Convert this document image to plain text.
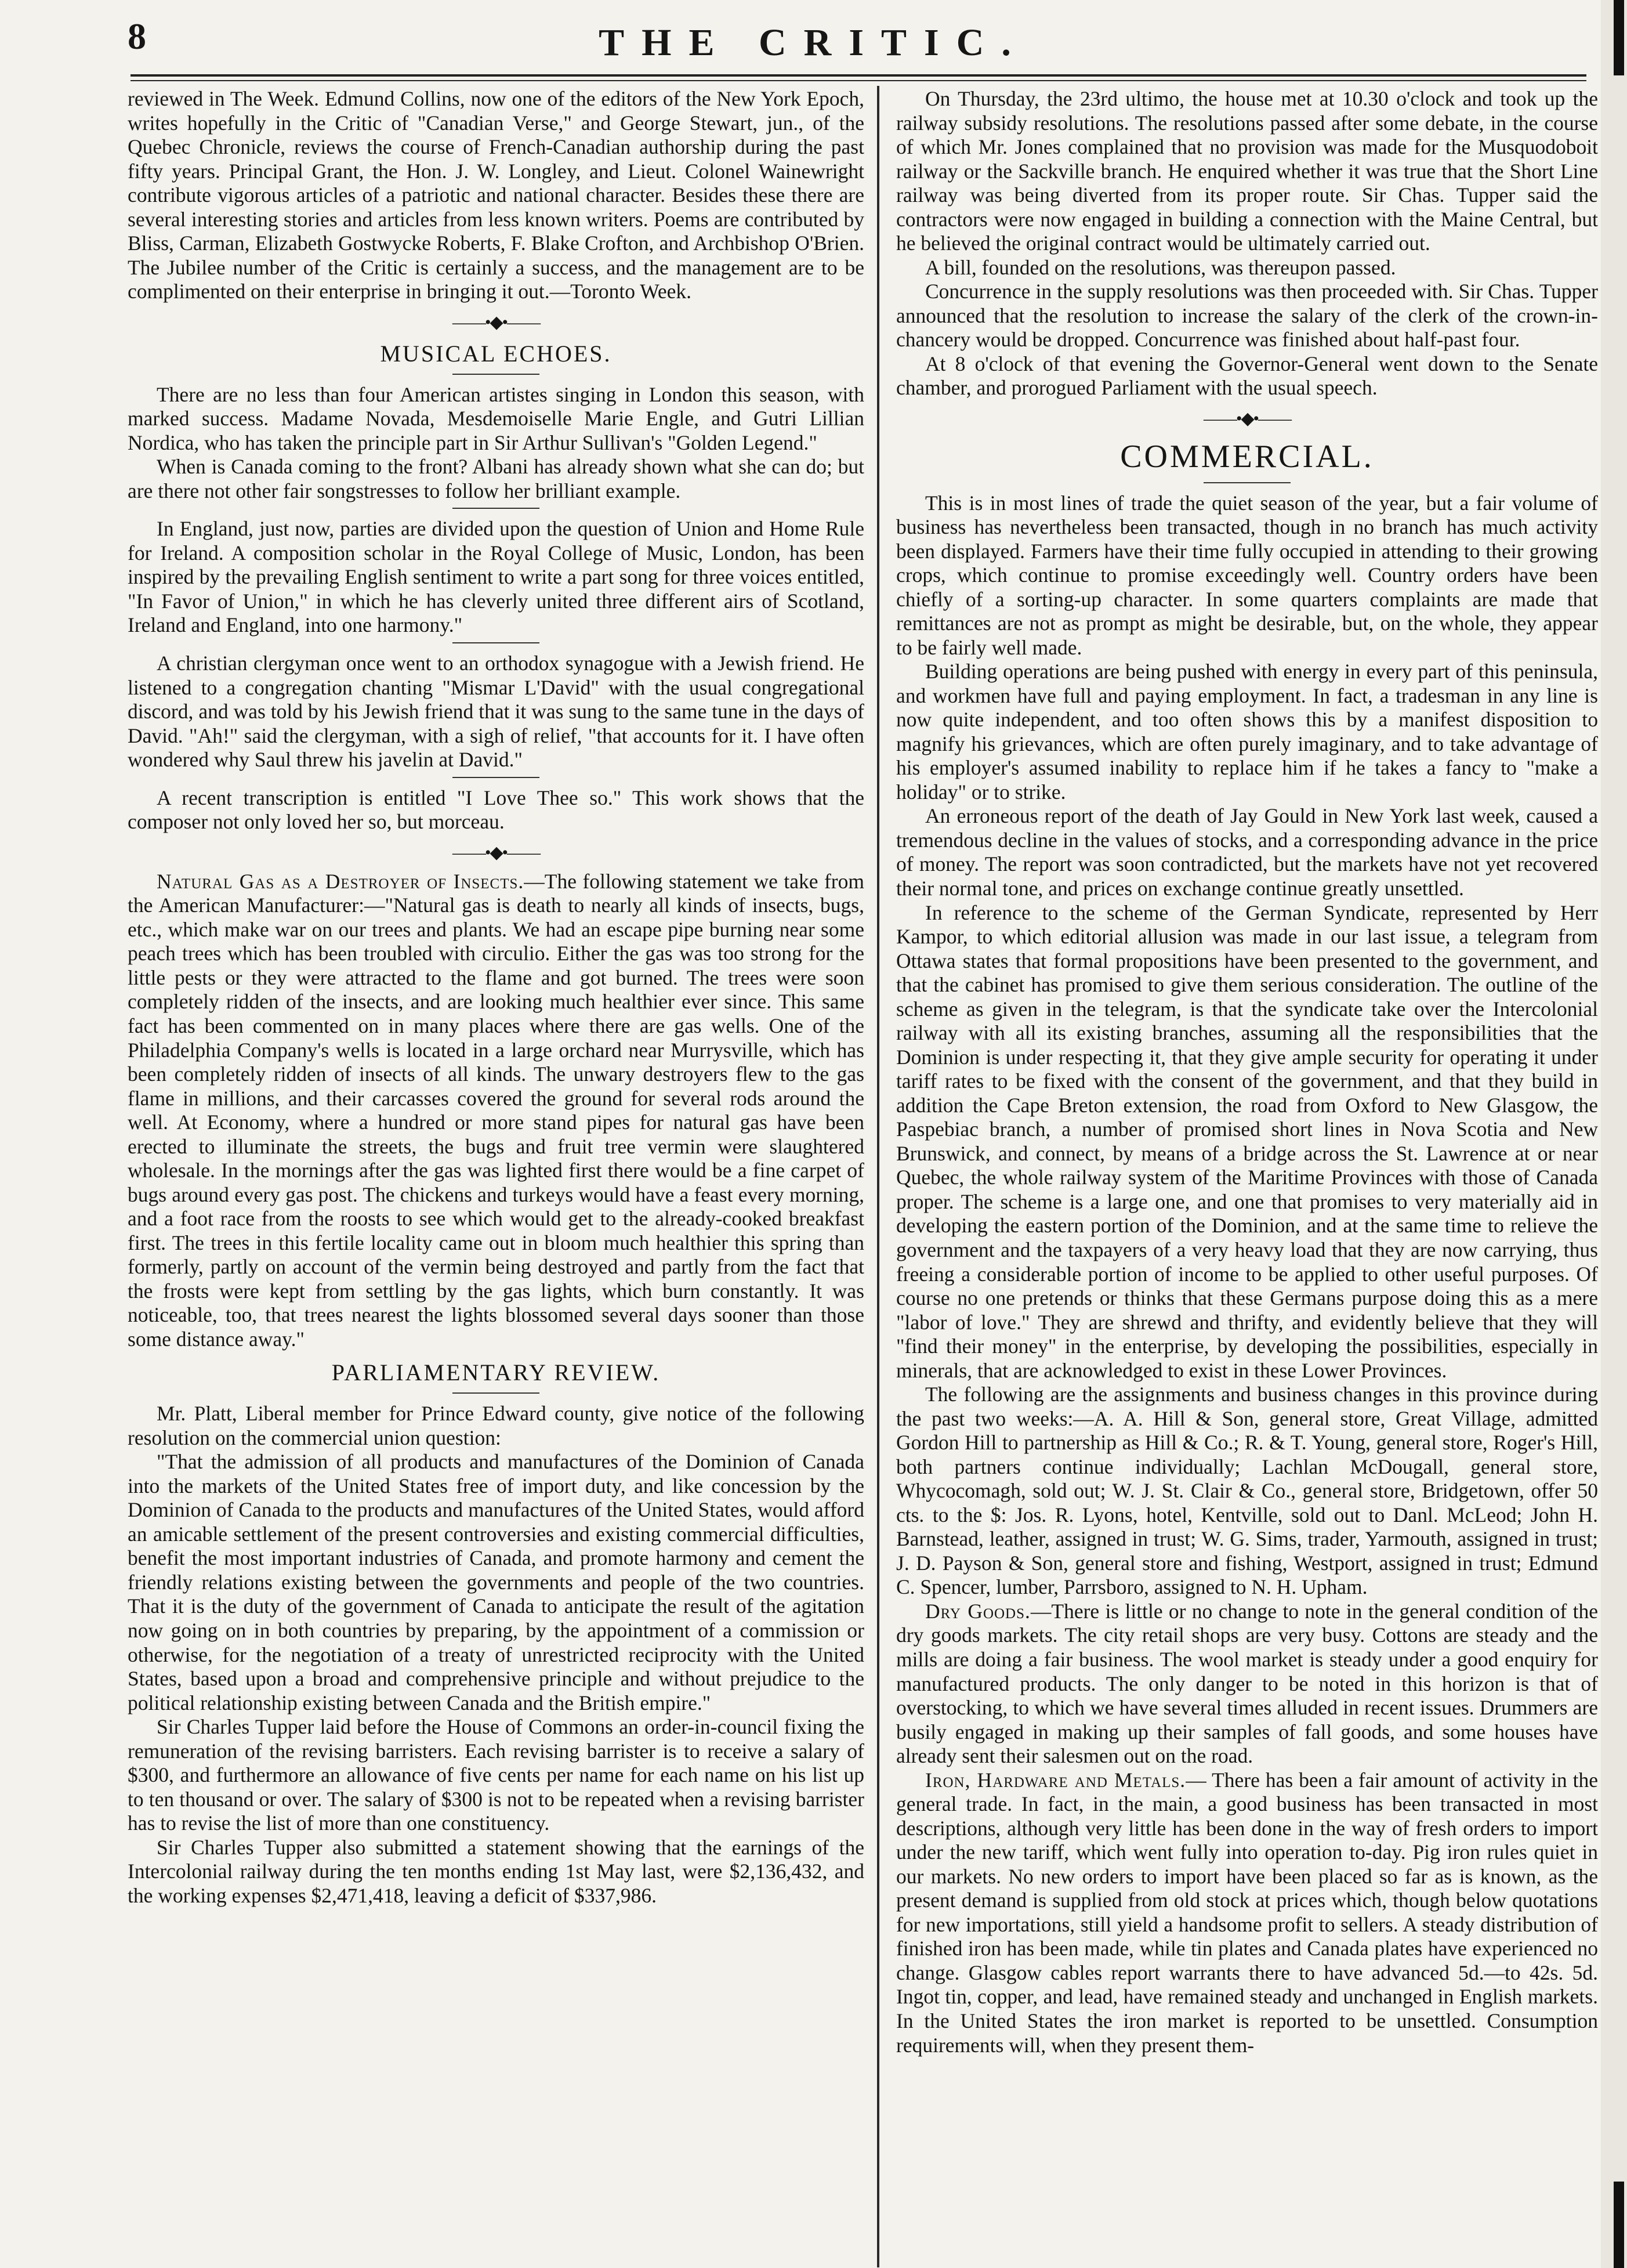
8	THE CRITIC.

reviewed in The Week. Edmund Collins, now one of the editors of the New York Epoch, writes hopefully in the Critic of "Canadian Verse," and George Stewart, jun., of the Quebec Chronicle, reviews the course of French-Canadian authorship during the past fifty years. Principal Grant, the Hon. J. W. Longley, and Lieut. Colonel Wainewright contribute vigorous articles of a patriotic and national character. Besides these there are several interesting stories and articles from less known writers. Poems are contributed by Bliss, Carman, Elizabeth Gostwycke Roberts, F. Blake Crofton, and Archbishop O'Brien. The Jubilee number of the Critic is certainly a success, and the management are to be complimented on their enterprise in bringing it out.—Toronto Week.

——•◆•——
MUSICAL ECHOES.

There are no less than four American artistes singing in London this season, with marked success. Madame Novada, Mesdemoiselle Marie Engle, and Gutri Lillian Nordica, who has taken the principle part in Sir Arthur Sullivan's "Golden Legend."

When is Canada coming to the front? Albani has already shown what she can do; but are there not other fair songstresses to follow her brilliant example.

In England, just now, parties are divided upon the question of Union and Home Rule for Ireland. A composition scholar in the Royal College of Music, London, has been inspired by the prevailing English sentiment to write a part song for three voices entitled, "In Favor of Union," in which he has cleverly united three different airs of Scotland, Ireland and England, into one harmony."

A christian clergyman once went to an orthodox synagogue with a Jewish friend. He listened to a congregation chanting "Mismar L'David" with the usual congregational discord, and was told by his Jewish friend that it was sung to the same tune in the days of David. "Ah!" said the clergyman, with a sigh of relief, "that accounts for it. I have often wondered why Saul threw his javelin at David."

A recent transcription is entitled "I Love Thee so." This work shows that the composer not only loved her so, but morceau.

——•◆•——

Natural Gas as a Destroyer of Insects.—The following statement we take from the American Manufacturer:—"Natural gas is death to nearly all kinds of insects, bugs, etc., which make war on our trees and plants. We had an escape pipe burning near some peach trees which has been troubled with circulio. Either the gas was too strong for the little pests or they were attracted to the flame and got burned. The trees were soon completely ridden of the insects, and are looking much healthier ever since. This same fact has been commented on in many places where there are gas wells. One of the Philadelphia Company's wells is located in a large orchard near Murrysville, which has been completely ridden of insects of all kinds. The unwary destroyers flew to the gas flame in millions, and their carcasses covered the ground for several rods around the well. At Economy, where a hundred or more stand pipes for natural gas have been erected to illuminate the streets, the bugs and fruit tree vermin were slaughtered wholesale. In the mornings after the gas was lighted first there would be a fine carpet of bugs around every gas post. The chickens and turkeys would have a feast every morning, and a foot race from the roosts to see which would get to the already-cooked breakfast first. The trees in this fertile locality came out in bloom much healthier this spring than formerly, partly on account of the vermin being destroyed and partly from the fact that the frosts were kept from settling by the gas lights, which burn constantly. It was noticeable, too, that trees nearest the lights blossomed several days sooner than those some distance away."

PARLIAMENTARY REVIEW.

Mr. Platt, Liberal member for Prince Edward county, give notice of the following resolution on the commercial union question:

"That the admission of all products and manufactures of the Dominion of Canada into the markets of the United States free of import duty, and like concession by the Dominion of Canada to the products and manufactures of the United States, would afford an amicable settlement of the present controversies and existing commercial difficulties, benefit the most important industries of Canada, and promote harmony and cement the friendly relations existing between the governments and people of the two countries. That it is the duty of the government of Canada to anticipate the result of the agitation now going on in both countries by preparing, by the appointment of a commission or otherwise, for the negotiation of a treaty of unrestricted reciprocity with the United States, based upon a broad and comprehensive principle and without prejudice to the political relationship existing between Canada and the British empire."

Sir Charles Tupper laid before the House of Commons an order-in-council fixing the remuneration of the revising barristers. Each revising barrister is to receive a salary of $300, and furthermore an allowance of five cents per name for each name on his list up to ten thousand or over. The salary of $300 is not to be repeated when a revising barrister has to revise the list of more than one constituency.

Sir Charles Tupper also submitted a statement showing that the earnings of the Intercolonial railway during the ten months ending 1st May last, were $2,136,432, and the working expenses $2,471,418, leaving a deficit of $337,986.

On Thursday, the 23rd ultimo, the house met at 10.30 o'clock and took up the railway subsidy resolutions. The resolutions passed after some debate, in the course of which Mr. Jones complained that no provision was made for the Musquodoboit railway or the Sackville branch. He enquired whether it was true that the Short Line railway was being diverted from its proper route. Sir Chas. Tupper said the contractors were now engaged in building a connection with the Maine Central, but he believed the original contract would be ultimately carried out.

A bill, founded on the resolutions, was thereupon passed.

Concurrence in the supply resolutions was then proceeded with. Sir Chas. Tupper announced that the resolution to increase the salary of the clerk of the crown-in-chancery would be dropped. Concurrence was finished about half-past four.

At 8 o'clock of that evening the Governor-General went down to the Senate chamber, and prorogued Parliament with the usual speech.

——•◆•——
COMMERCIAL.

This is in most lines of trade the quiet season of the year, but a fair volume of business has nevertheless been transacted, though in no branch has much activity been displayed. Farmers have their time fully occupied in attending to their growing crops, which continue to promise exceedingly well. Country orders have been chiefly of a sorting-up character. In some quarters complaints are made that remittances are not as prompt as might be desirable, but, on the whole, they appear to be fairly well made.

Building operations are being pushed with energy in every part of this peninsula, and workmen have full and paying employment. In fact, a tradesman in any line is now quite independent, and too often shows this by a manifest disposition to magnify his grievances, which are often purely imaginary, and to take advantage of his employer's assumed inability to replace him if he takes a fancy to "make a holiday" or to strike.

An erroneous report of the death of Jay Gould in New York last week, caused a tremendous decline in the values of stocks, and a corresponding advance in the price of money. The report was soon contradicted, but the markets have not yet recovered their normal tone, and prices on exchange continue greatly unsettled.

In reference to the scheme of the German Syndicate, represented by Herr Kampor, to which editorial allusion was made in our last issue, a telegram from Ottawa states that formal propositions have been presented to the government, and that the cabinet has promised to give them serious consideration. The outline of the scheme as given in the telegram, is that the syndicate take over the Intercolonial railway with all its existing branches, assuming all the responsibilities that the Dominion is under respecting it, that they give ample security for operating it under tariff rates to be fixed with the consent of the government, and that they build in addition the Cape Breton extension, the road from Oxford to New Glasgow, the Paspebiac branch, a number of promised short lines in Nova Scotia and New Brunswick, and connect, by means of a bridge across the St. Lawrence at or near Quebec, the whole railway system of the Maritime Provinces with those of Canada proper. The scheme is a large one, and one that promises to very materially aid in developing the eastern portion of the Dominion, and at the same time to relieve the government and the taxpayers of a very heavy load that they are now carrying, thus freeing a considerable portion of income to be applied to other useful purposes. Of course no one pretends or thinks that these Germans purpose doing this as a mere "labor of love." They are shrewd and thrifty, and evidently believe that they will "find their money" in the enterprise, by developing the possibilities, especially in minerals, that are acknowledged to exist in these Lower Provinces.

The following are the assignments and business changes in this province during the past two weeks:—A. A. Hill & Son, general store, Great Village, admitted Gordon Hill to partnership as Hill & Co.; R. & T. Young, general store, Roger's Hill, both partners continue individually; Lachlan McDougall, general store, Whycocomagh, sold out; W. J. St. Clair & Co., general store, Bridgetown, offer 50 cts. to the $: Jos. R. Lyons, hotel, Kentville, sold out to Danl. McLeod; John H. Barnstead, leather, assigned in trust; W. G. Sims, trader, Yarmouth, assigned in trust; J. D. Payson & Son, general store and fishing, Westport, assigned in trust; Edmund C. Spencer, lumber, Parrsboro, assigned to N. H. Upham.

Dry Goods.—There is little or no change to note in the general condition of the dry goods markets. The city retail shops are very busy. Cottons are steady and the mills are doing a fair business. The wool market is steady under a good enquiry for manufactured products. The only danger to be noted in this horizon is that of overstocking, to which we have several times alluded in recent issues. Drummers are busily engaged in making up their samples of fall goods, and some houses have already sent their salesmen out on the road.

Iron, Hardware and Metals.— There has been a fair amount of activity in the general trade. In fact, in the main, a good business has been transacted in most descriptions, although very little has been done in the way of fresh orders to import under the new tariff, which went fully into operation to-day. Pig iron rules quiet in our markets. No new orders to import have been placed so far as is known, as the present demand is supplied from old stock at prices which, though below quotations for new importations, still yield a handsome profit to sellers. A steady distribution of finished iron has been made, while tin plates and Canada plates have experienced no change. Glasgow cables report warrants there to have advanced 5d.—to 42s. 5d. Ingot tin, copper, and lead, have remained steady and unchanged in English markets. In the United States the iron market is reported to be unsettled. Consumption requirements will, when they present them-
